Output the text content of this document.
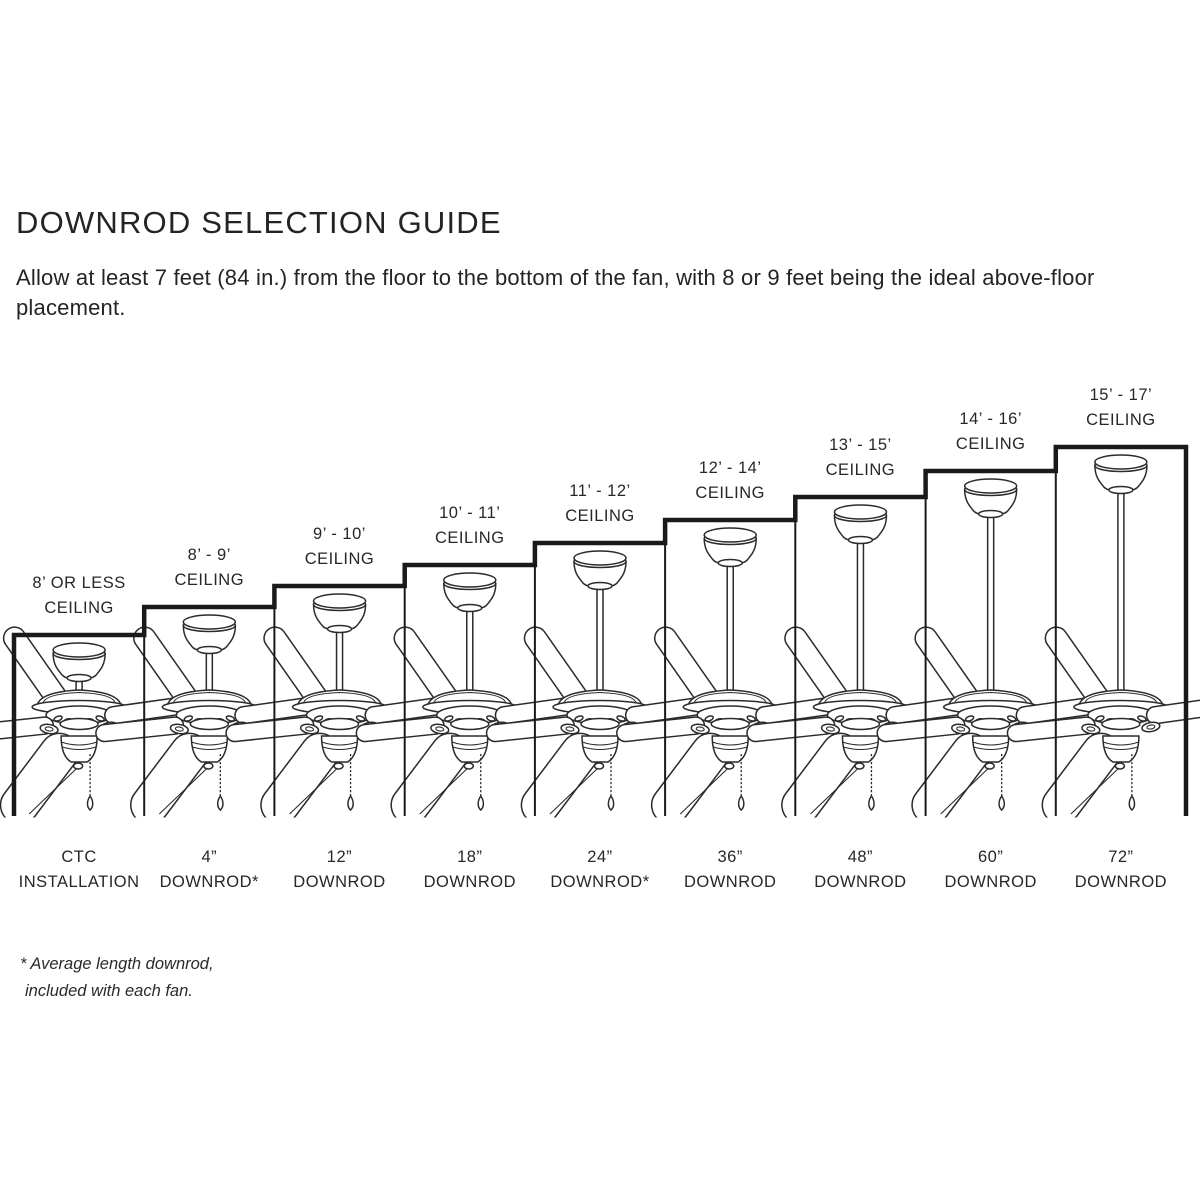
DOWNROD SELECTION GUIDE

Allow at least 7 feet (84 in.) from the floor to the bottom of the fan, with 8 or 9 feet being the ideal above-floor placement.

8’ OR LESS
CEILING
CTC
INSTALLATION
8’ - 9’
CEILING
4”
DOWNROD*
9’ - 10’
CEILING
12”
DOWNROD
10’ - 11’
CEILING
18”
DOWNROD
11’ - 12’
CEILING
24”
DOWNROD*
12’ - 14’
CEILING
36”
DOWNROD
13’ - 15’
CEILING
48”
DOWNROD
14’ - 16’
CEILING
60”
DOWNROD
15’ - 17’
CEILING
72”
DOWNROD
* Average length downrod,
included with each fan.
